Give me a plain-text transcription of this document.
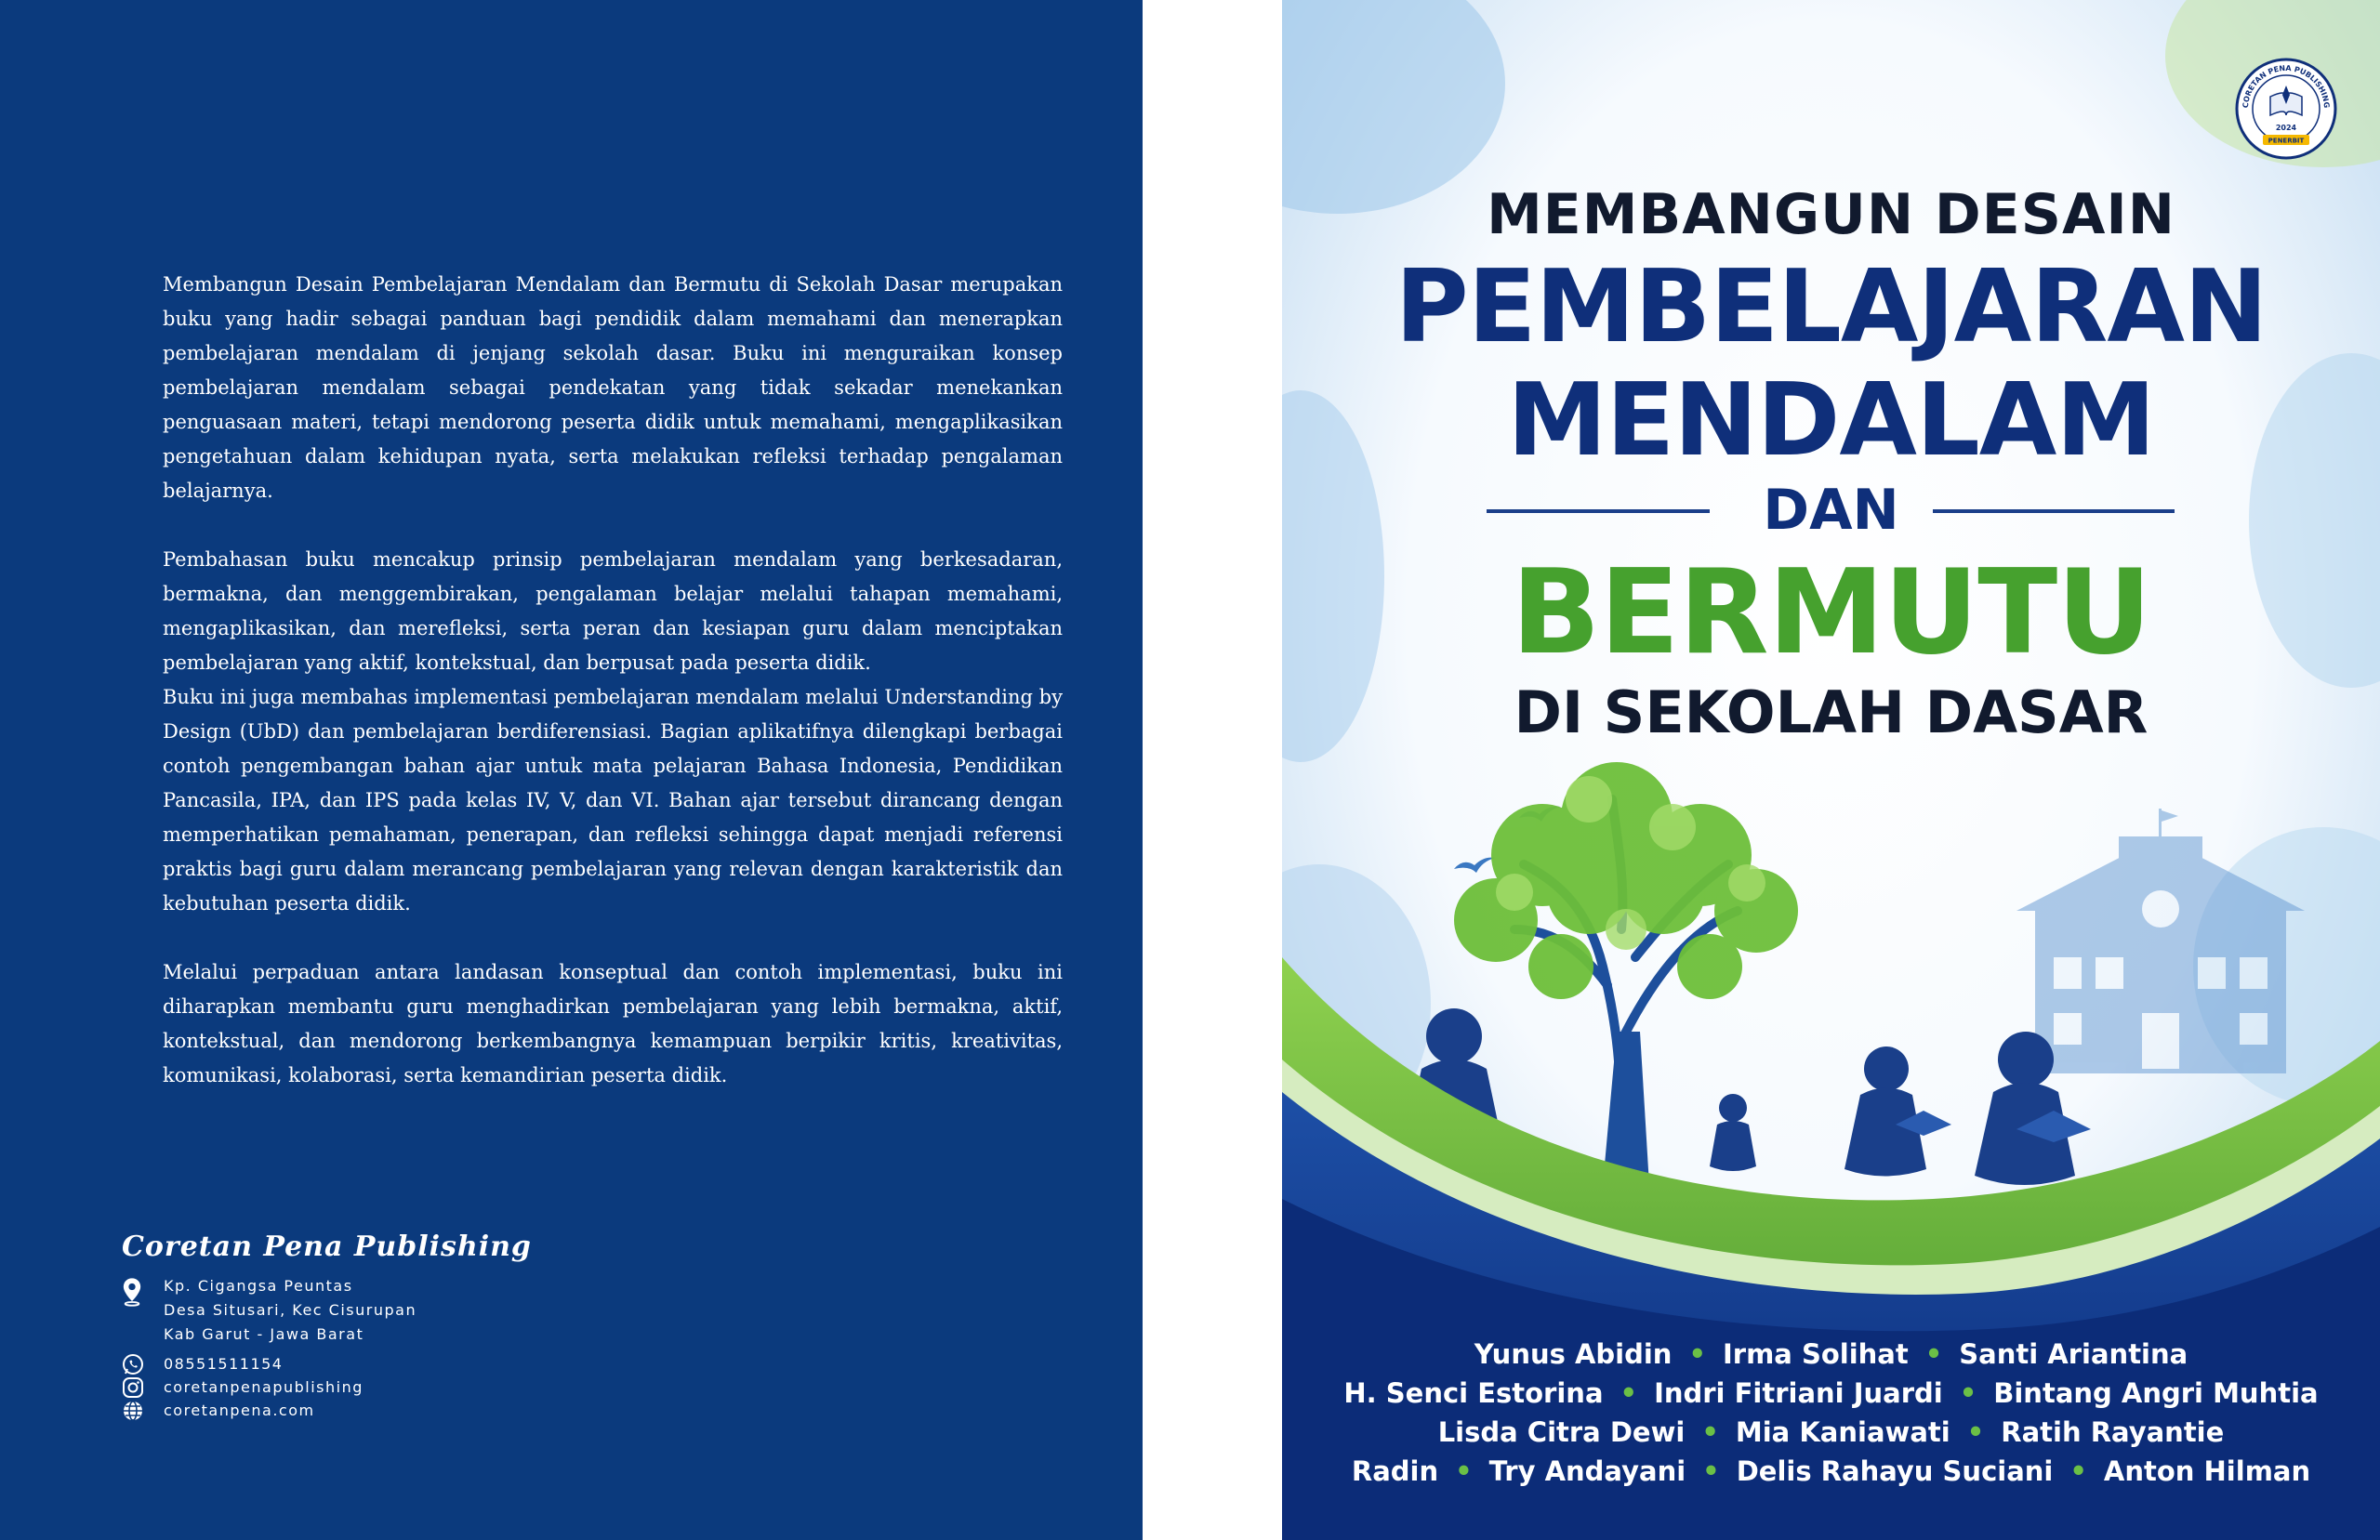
Membangun Desain Pembelajaran Mendalam dan Bermutu di Sekolah Dasar merupakan buku yang hadir sebagai panduan bagi pendidik dalam memahami dan menerapkan pembelajaran mendalam di jenjang sekolah dasar. Buku ini menguraikan konsep pembelajaran mendalam sebagai pendekatan yang tidak sekadar menekankan penguasaan materi, tetapi mendorong peserta didik untuk memahami, mengaplikasikan pengetahuan dalam kehidupan nyata, serta melakukan refleksi terhadap pengalaman belajarnya.

Pembahasan buku mencakup prinsip pembelajaran mendalam yang berkesadaran, bermakna, dan menggembirakan, pengalaman belajar melalui tahapan memahami, mengaplikasikan, dan merefleksi, serta peran dan kesiapan guru dalam menciptakan pembelajaran yang aktif, kontekstual, dan berpusat pada peserta didik.

Buku ini juga membahas implementasi pembelajaran mendalam melalui Understanding by Design (UbD) dan pembelajaran berdiferensiasi. Bagian aplikatifnya dilengkapi berbagai contoh pengembangan bahan ajar untuk mata pelajaran Bahasa Indonesia, Pendidikan Pancasila, IPA, dan IPS pada kelas IV, V, dan VI. Bahan ajar tersebut dirancang dengan memperhatikan pemahaman, penerapan, dan refleksi sehingga dapat menjadi referensi praktis bagi guru dalam merancang pembelajaran yang relevan dengan karakteristik dan kebutuhan peserta didik.

Melalui perpaduan antara landasan konseptual dan contoh implementasi, buku ini diharapkan membantu guru menghadirkan pembelajaran yang lebih bermakna, aktif, kontekstual, dan mendorong berkembangnya kemampuan berpikir kritis, kreativitas, komunikasi, kolaborasi, serta kemandirian peserta didik.

Coretan Pena Publishing
Kp. Cigangsa Peuntas
Desa Situsari, Kec Cisurupan
Kab Garut - Jawa Barat
08551511154
coretanpenapublishing
coretanpena.com
MEMBANGUN DESAIN
PEMBELAJARAN
MENDALAM
DAN
BERMUTU
DI SEKOLAH DASAR
Yunus Abidin • Irma Solihat • Santi Ariantina
H. Senci Estorina • Indri Fitriani Juardi • Bintang Angri Muhtia
Lisda Citra Dewi • Mia Kaniawati • Ratih Rayantie
Radin • Try Andayani • Delis Rahayu Suciani • Anton Hilman
2024
PENERBIT
CORETAN PENA PUBLISHING
